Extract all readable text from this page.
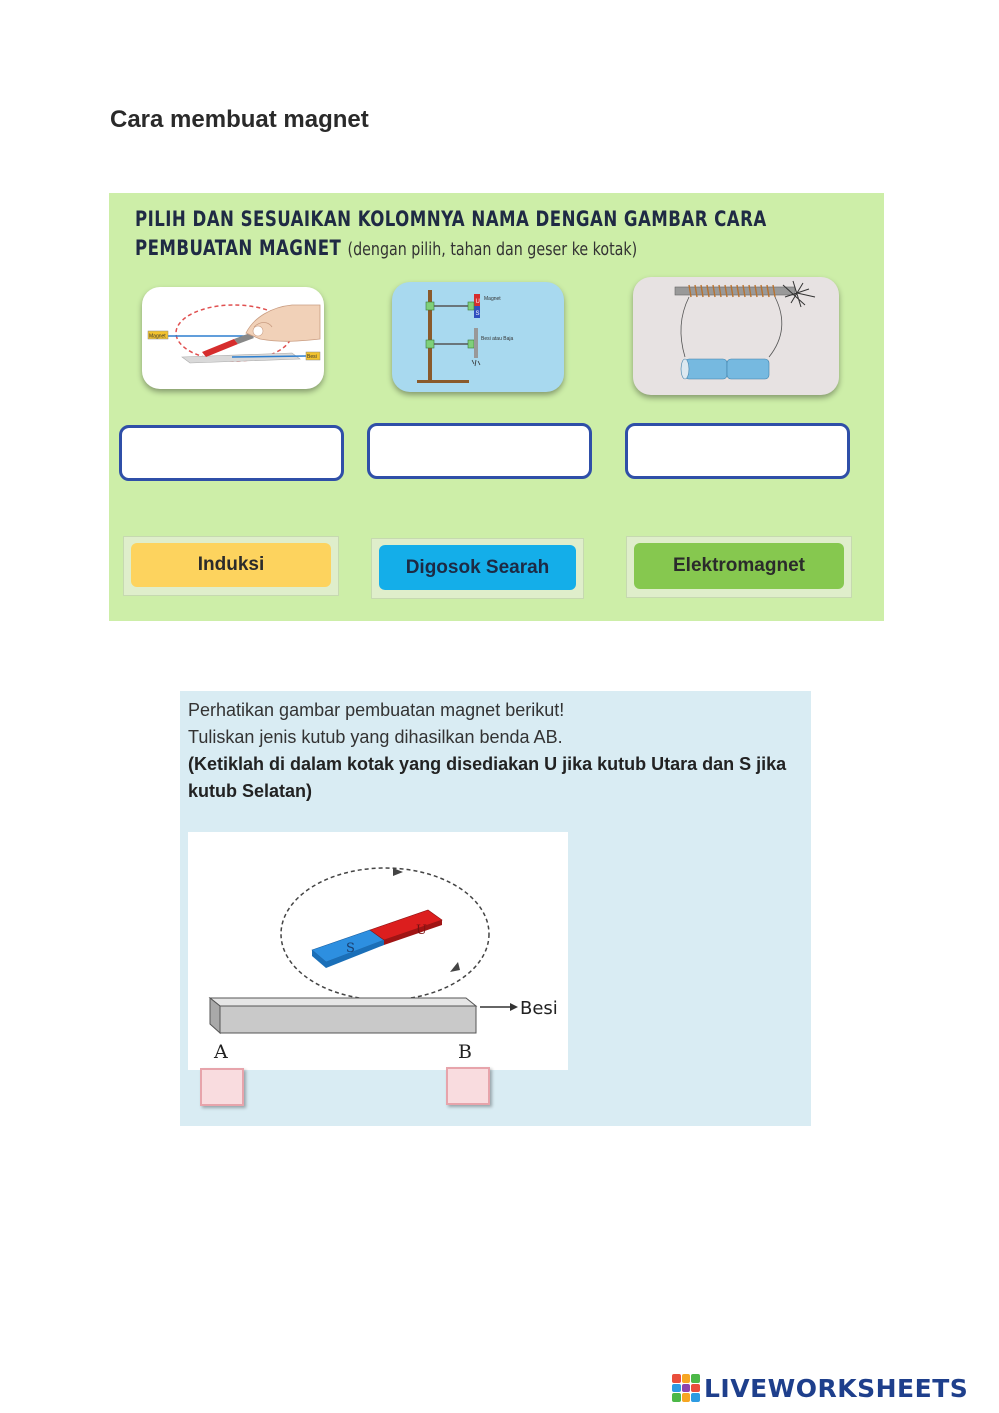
Cara membuat magnet
PILIH DAN SESUAIKAN KOLOMNYA NAMA DENGAN GAMBAR CARA
PEMBUATAN MAGNET (dengan pilih, tahan dan geser ke kotak)
Magnet
Besi
U
S
Magnet
Besi atau Baja
Induksi	Digosok Searah	Elektromagnet
Perhatikan gambar pembuatan magnet berikut!
Tuliskan jenis kutub yang dihasilkan benda AB.
(Ketiklah di dalam kotak yang disediakan U jika kutub Utara dan S jika
kutub Selatan)
S
U
Besi
A	B
LIVEWORKSHEETS
